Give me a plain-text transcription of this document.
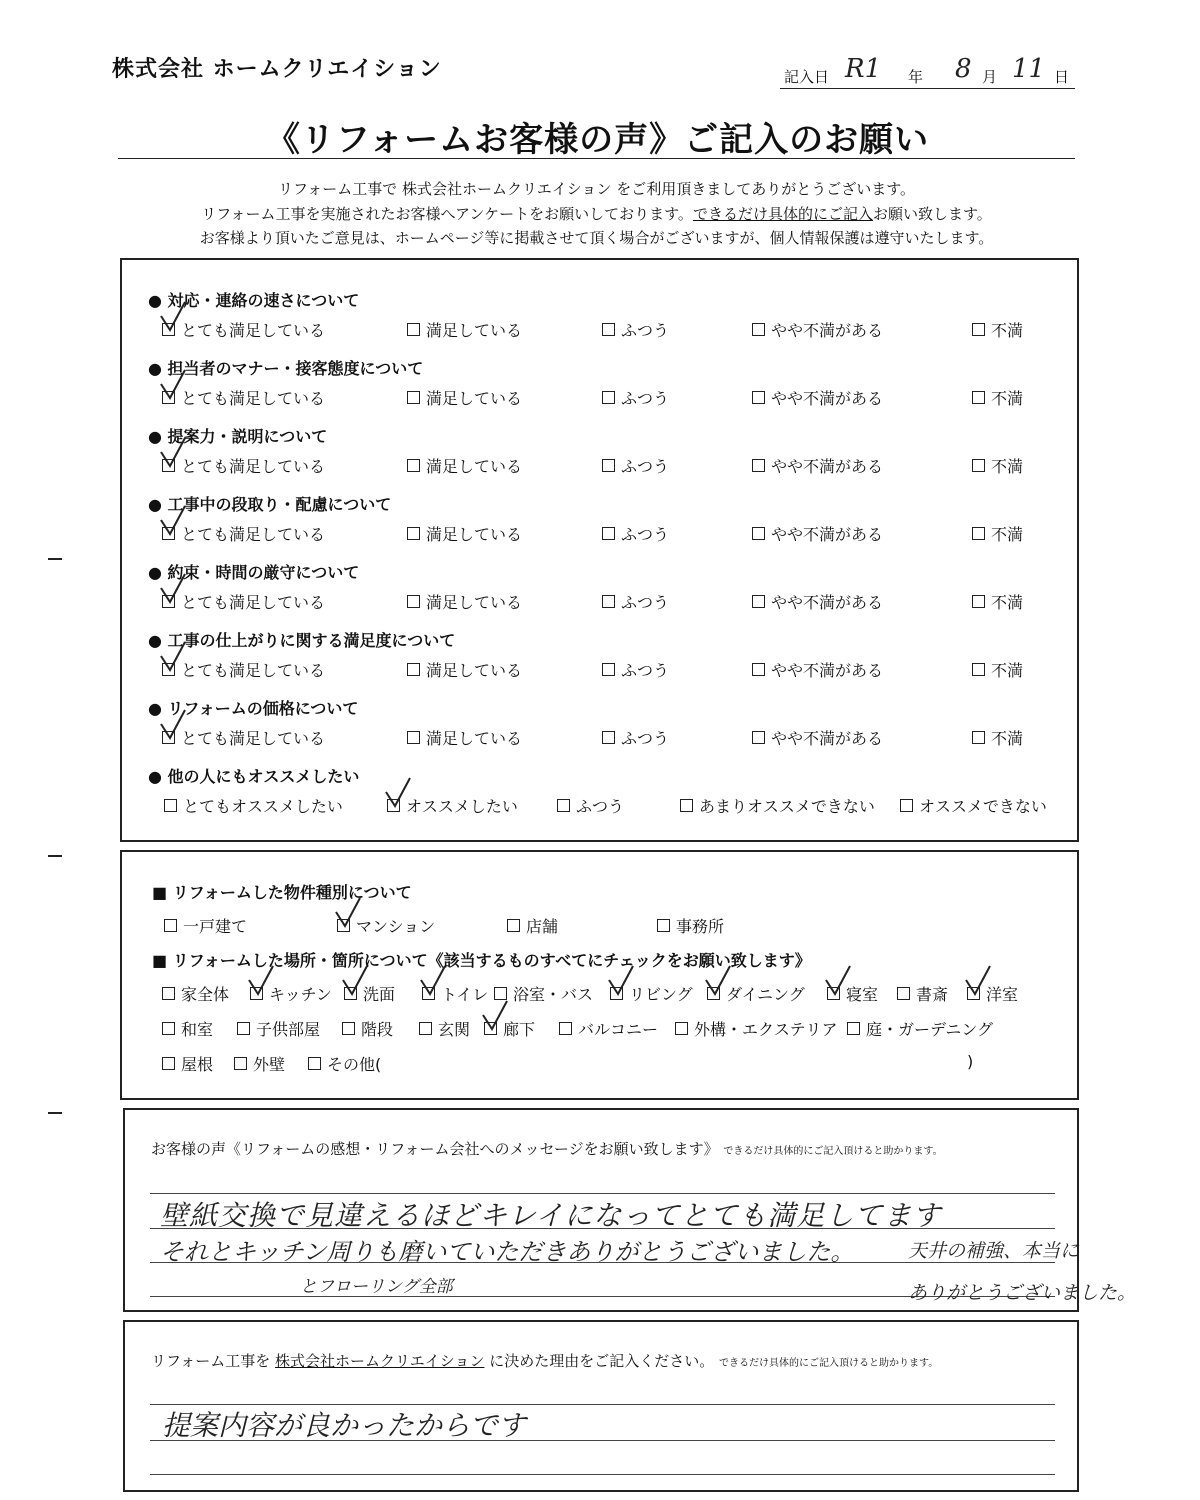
株式会社 ホームクリエイション	記入日 R1 年 8 月 11 日
《リフォームお客様の声》ご記入のお願い
リフォーム工事で 株式会社ホームクリエイション をご利用頂きましてありがとうございます。
リフォーム工事を実施されたお客様へアンケートをお願いしております。できるだけ具体的にご記入お願い致します。
お客様より頂いたご意見は、ホームページ等に掲載させて頂く場合がございますが、個人情報保護は遵守いたします。
● 対応・連絡の速さについて
とても満足している	満足している	ふつう	やや不満がある	不満
● 担当者のマナー・接客態度について
とても満足している	満足している	ふつう	やや不満がある	不満
● 提案力・説明について
とても満足している	満足している	ふつう	やや不満がある	不満
● 工事中の段取り・配慮について
とても満足している	満足している	ふつう	やや不満がある	不満
● 約束・時間の厳守について
とても満足している	満足している	ふつう	やや不満がある	不満
● 工事の仕上がりに関する満足度について
とても満足している	満足している	ふつう	やや不満がある	不満
● リフォームの価格について
とても満足している	満足している	ふつう	やや不満がある	不満
● 他の人にもオススメしたい
とてもオススメしたい	オススメしたい	ふつう	あまりオススメできない	オススメできない
■ リフォームした物件種別について
一戸建て	マンション	店舗	事務所
■ リフォームした場所・箇所について《該当するものすべてにチェックをお願い致します》
家全体	キッチン	洗面	トイレ	浴室・バス	リビング	ダイニング	寝室	書斎	洋室
和室	子供部屋	階段	玄関	廊下	バルコニー	外構・エクステリア	庭・ガーデニング
屋根	外壁	その他(	)
お客様の声《リフォームの感想・リフォーム会社へのメッセージをお願い致します》 できるだけ具体的にご記入頂けると助かります。
壁紙交換で見違えるほどキレイになってとても満足してます
それとキッチン周りも磨いていただきありがとうございました。
とフローリング全部
天井の補強、本当に
ありがとうございました。
リフォーム工事を 株式会社ホームクリエイション に決めた理由をご記入ください。 できるだけ具体的にご記入頂けると助かります。
提案内容が良かったからです
